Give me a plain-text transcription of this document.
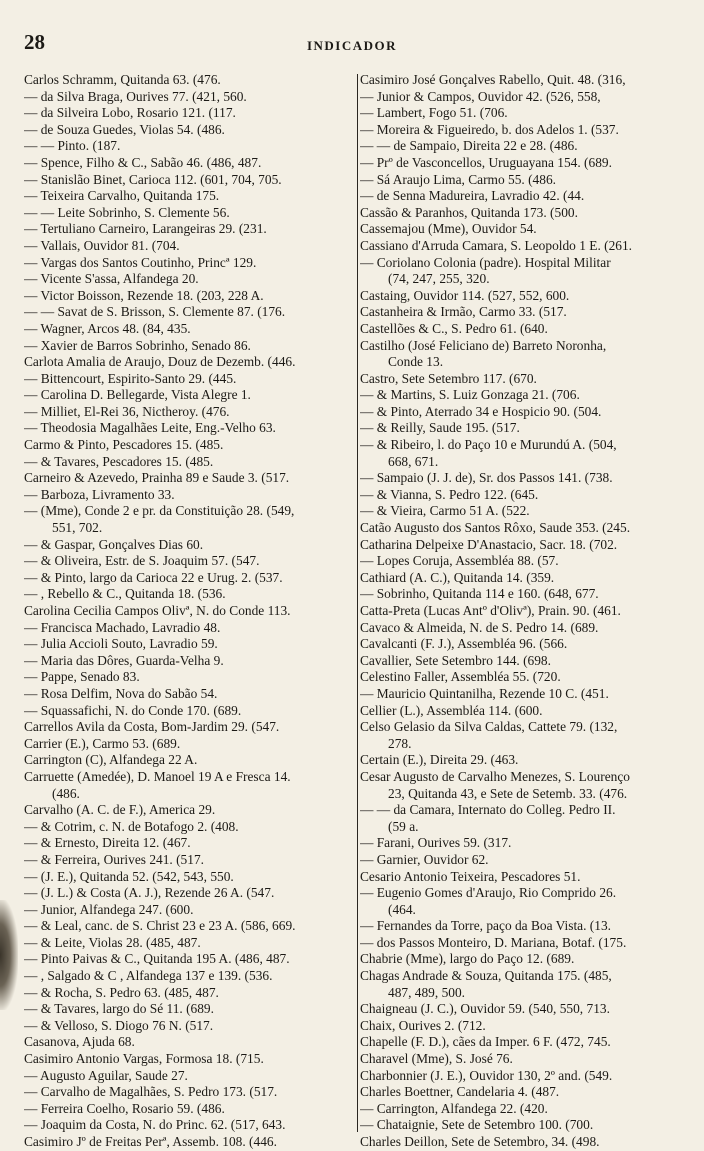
28	INDICADOR
Carlos Schramm, Quitanda 63. (476.
— da Silva Braga, Ourives 77. (421, 560.
— da Silveira Lobo, Rosario 121. (117.
— de Souza Guedes, Violas 54. (486.
— — Pinto. (187.
— Spence, Filho & C., Sabão 46. (486, 487.
— Stanislão Binet, Carioca 112. (601, 704, 705.
— Teixeira Carvalho, Quitanda 175.
— — Leite Sobrinho, S. Clemente 56.
— Tertuliano Carneiro, Larangeiras 29. (231.
— Vallais, Ouvidor 81. (704.
— Vargas dos Santos Coutinho, Princª 129.
— Vicente S'assa, Alfandega 20.
— Victor Boisson, Rezende 18. (203, 228 A.
— — Savat de S. Brisson, S. Clemente 87. (176.
— Wagner, Arcos 48. (84, 435.
— Xavier de Barros Sobrinho, Senado 86.
Carlota Amalia de Araujo, Douz de Dezemb. (446.
— Bittencourt, Espirito-Santo 29. (445.
— Carolina D. Bellegarde, Vista Alegre 1.
— Milliet, El-Rei 36, Nictheroy. (476.
— Theodosia Magalhães Leite, Eng.-Velho 63.
Carmo & Pinto, Pescadores 15. (485.
— & Tavares, Pescadores 15. (485.
Carneiro & Azevedo, Prainha 89 e Saude 3. (517.
— Barboza, Livramento 33.
— (Mme), Conde 2 e pr. da Constituição 28. (549,
551, 702.
— & Gaspar, Gonçalves Dias 60.
— & Oliveira, Estr. de S. Joaquim 57. (547.
— & Pinto, largo da Carioca 22 e Urug. 2. (537.
— , Rebello & C., Quitanda 18. (536.
Carolina Cecilia Campos Olivª, N. do Conde 113.
— Francisca Machado, Lavradio 48.
— Julia Accioli Souto, Lavradio 59.
— Maria das Dôres, Guarda-Velha 9.
— Pappe, Senado 83.
— Rosa Delfim, Nova do Sabão 54.
— Squassafichi, N. do Conde 170. (689.
Carrellos Avila da Costa, Bom-Jardim 29. (547.
Carrier (E.), Carmo 53. (689.
Carrington (C), Alfandega 22 A.
Carruette (Amedée), D. Manoel 19 A e Fresca 14.
(486.
Carvalho (A. C. de F.), America 29.
— & Cotrim, c. N. de Botafogo 2. (408.
— & Ernesto, Direita 12. (467.
— & Ferreira, Ourives 241. (517.
— (J. E.), Quitanda 52. (542, 543, 550.
— (J. L.) & Costa (A. J.), Rezende 26 A. (547.
— Junior, Alfandega 247. (600.
— & Leal, canc. de S. Christ 23 e 23 A. (586, 669.
— & Leite, Violas 28. (485, 487.
— Pinto Paivas & C., Quitanda 195 A. (486, 487.
— , Salgado & C , Alfandega 137 e 139. (536.
— & Rocha, S. Pedro 63. (485, 487.
— & Tavares, largo do Sé 11. (689.
— & Velloso, S. Diogo 76 N. (517.
Casanova, Ajuda 68.
Casimiro Antonio Vargas, Formosa 18. (715.
— Augusto Aguilar, Saude 27.
— Carvalho de Magalhães, S. Pedro 173. (517.
— Ferreira Coelho, Rosario 59. (486.
— Joaquim da Costa, N. do Princ. 62. (517, 643.
Casimiro Jº de Freitas Perª, Assemb. 108. (446.
Casimiro José Gonçalves Rabello, Quit. 48. (316,
— Junior & Campos, Ouvidor 42. (526, 558,
— Lambert, Fogo 51. (706.
— Moreira & Figueiredo, b. dos Adelos 1. (537.
— — de Sampaio, Direita 22 e 28. (486.
— Prº de Vasconcellos, Uruguayana 154. (689.
— Sá Araujo Lima, Carmo 55. (486.
— de Senna Madureira, Lavradio 42. (44.
Cassão & Paranhos, Quitanda 173. (500.
Cassemajou (Mme), Ouvidor 54.
Cassiano d'Arruda Camara, S. Leopoldo 1 E. (261.
— Coriolano Colonia (padre). Hospital Militar
(74, 247, 255, 320.
Castaing, Ouvidor 114. (527, 552, 600.
Castanheira & Irmão, Carmo 33. (517.
Castellões & C., S. Pedro 61. (640.
Castilho (José Feliciano de) Barreto Noronha,
Conde 13.
Castro, Sete Setembro 117. (670.
— & Martins, S. Luiz Gonzaga 21. (706.
— & Pinto, Aterrado 34 e Hospicio 90. (504.
— & Reilly, Saude 195. (517.
— & Ribeiro, l. do Paço 10 e Murundú A. (504,
668, 671.
— Sampaio (J. J. de), Sr. dos Passos 141. (738.
— & Vianna, S. Pedro 122. (645.
— & Vieira, Carmo 51 A. (522.
Catão Augusto dos Santos Rôxo, Saude 353. (245.
Catharina Delpeixe D'Anastacio, Sacr. 18. (702.
— Lopes Coruja, Assembléa 88. (57.
Cathiard (A. C.), Quitanda 14. (359.
— Sobrinho, Quitanda 114 e 160. (648, 677.
Catta-Preta (Lucas Antº d'Olivª), Prain. 90. (461.
Cavaco & Almeida, N. de S. Pedro 14. (689.
Cavalcanti (F. J.), Assembléa 96. (566.
Cavallier, Sete Setembro 144. (698.
Celestino Faller, Assembléa 55. (720.
— Mauricio Quintanilha, Rezende 10 C. (451.
Cellier (L.), Assembléa 114. (600.
Celso Gelasio da Silva Caldas, Cattete 79. (132,
278.
Certain (E.), Direita 29. (463.
Cesar Augusto de Carvalho Menezes, S. Lourenço
23, Quitanda 43, e Sete de Setemb. 33. (476.
— — da Camara, Internato do Colleg. Pedro II.
(59 a.
— Farani, Ourives 59. (317.
— Garnier, Ouvidor 62.
Cesario Antonio Teixeira, Pescadores 51.
— Eugenio Gomes d'Araujo, Rio Comprido 26.
(464.
— Fernandes da Torre, paço da Boa Vista. (13.
— dos Passos Monteiro, D. Mariana, Botaf. (175.
Chabrie (Mme), largo do Paço 12. (689.
Chagas Andrade & Souza, Quitanda 175. (485,
487, 489, 500.
Chaigneau (J. C.), Ouvidor 59. (540, 550, 713.
Chaix, Ourives 2. (712.
Chapelle (F. D.), cães da Imper. 6 F. (472, 745.
Charavel (Mme), S. José 76.
Charbonnier (J. E.), Ouvidor 130, 2º and. (549.
Charles Boettner, Candelaria 4. (487.
— Carrington, Alfandega 22. (420.
— Chataignie, Sete de Setembro 100. (700.
Charles Deillon, Sete de Setembro, 34. (498.
